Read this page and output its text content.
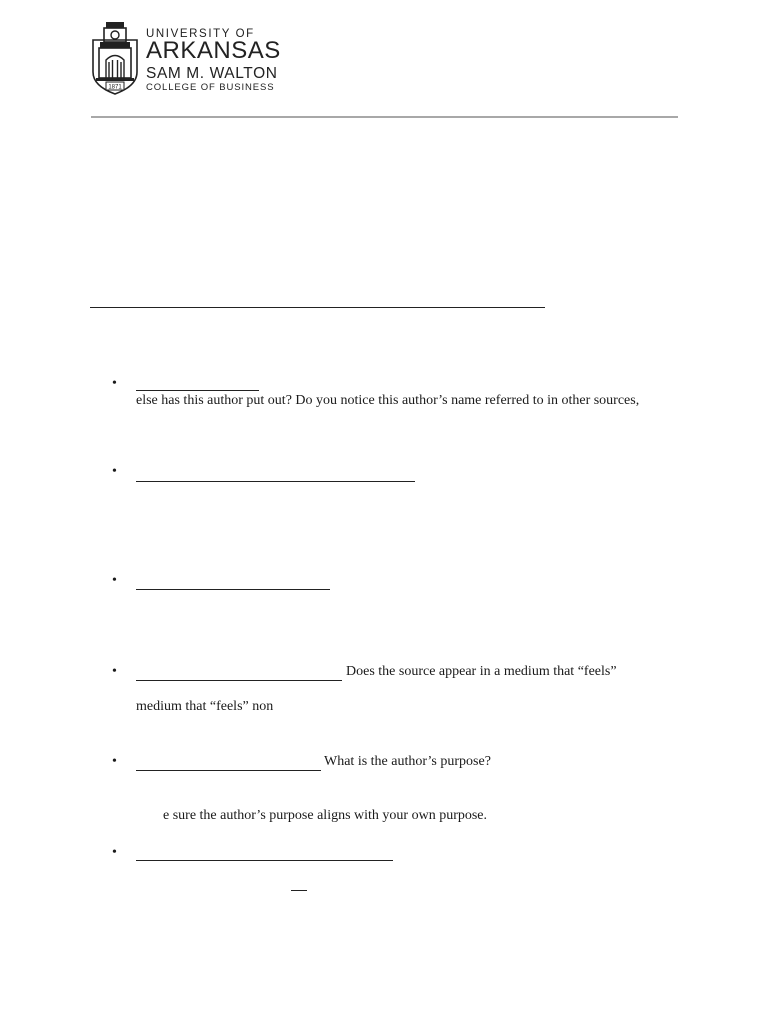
1871
UNIVERSITY OF
ARKANSAS
SAM M. WALTON
COLLEGE OF BUSINESS
•
else has this author put out? Do you notice this author’s name referred to in other sources,
•
•
•	Does the source appear in a medium that “feels”
medium that “feels” non
•	What is the author’s purpose?
e sure the author’s purpose aligns with your own purpose.
•
